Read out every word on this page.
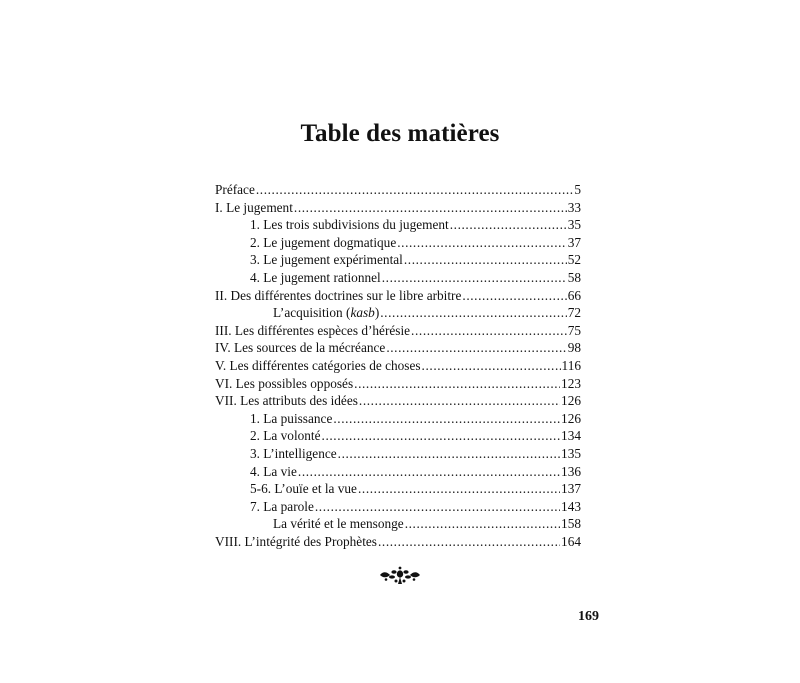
Table des matières
Préface .....	5
I. Le jugement .....	33
1. Les trois subdivisions du jugement .....	35
2. Le jugement dogmatique .....	37
3. Le jugement expérimental .....	52
4. Le jugement rationnel .....	58
II. Des différentes doctrines sur le libre arbitre .....	66
L’acquisition (kasb) .....	72
III. Les différentes espèces d’hérésie .....	75
IV. Les sources de la mécréance .....	98
V. Les différentes catégories de choses .....	116
VI. Les possibles opposés .....	123
VII. Les attributs des idées .....	126
1. La puissance .....	126
2. La volonté .....	134
3. L’intelligence .....	135
4. La vie .....	136
5-6. L’ouïe et la vue .....	137
7. La parole .....	143
La vérité et le mensonge .....	158
VIII. L’intégrité des Prophètes .....	164
169
